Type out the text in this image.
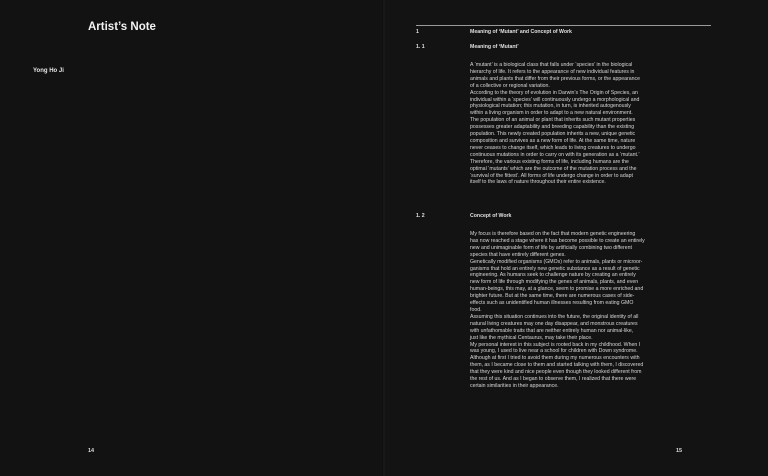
Artist’s Note
Yong Ho Ji
14
1	Meaning of ‘Mutant’ and Concept of Work
1. 1	Meaning of ‘Mutant’
A ‘mutant’ is a biological class that falls under ‘species’ in the biological
hierarchy of life. It refers to the appearance of new individual features in
animals and plants that differ from their previous forms, or the appearance
of a collective or regional variation.
According to the theory of evolution in Darwin’s The Origin of Species, an
individual within a ‘species’ will continuously undergo a morphological and
physiological mutation; this mutation, in turn, is inherited autogenously
within a living organism in order to adapt to a new natural environment.
The population of an animal or plant that inherits such mutant properties
possesses greater adaptability and breeding capability than the existing
population. This newly created population inherits a new, unique genetic
composition and survives as a new form of life. At the same time, nature
never ceases to change itself, which leads to living creatures to undergo
continuous mutations in order to carry on with its generation as a ‘mutant.’
Therefore, the various existing forms of life, including humans are the
optimal ‘mutants’ which are the outcome of the mutation process and the
‘survival of the fittest’. All forms of life undergo change in order to adapt
itself to the laws of nature throughout their entire existence.
1. 2	Concept of Work
My focus is therefore based on the fact that modern genetic engineering
has now reached a stage where it has become possible to create an entirely
new and unimaginable form of life by artificially combining two different
species that have entirely different genes.
Genetically modified organisms (GMOs) refer to animals, plants or microor-
ganisms that hold an entirely new genetic substance as a result of genetic
engineering. As humans seek to challenge nature by creating an entirely
new form of life through modifying the genes of animals, plants, and even
human-beings, this may, at a glance, seem to promise a more enriched and
brighter future. But at the same time, there are numerous cases of side-
effects such as unidentified human illnesses resulting from eating GMO
food.
Assuming this situation continues into the future, the original identity of all
natural living creatures may one day disappear, and monstrous creatures
with unfathomable traits that are neither entirely human nor animal-like,
just like the mythical Centaurus, may take their place.
My personal interest in this subject is rooted back in my childhood. When I
was young, I used to live near a school for children with Down syndrome.
Although at first I tried to avoid them during my numerous encounters with
them, as I became close to them and started talking with them, I discovered
that they were kind and nice people even though they looked different from
the rest of us. And as I began to observe them, I realized that there were
certain similarities in their appearance.
15
